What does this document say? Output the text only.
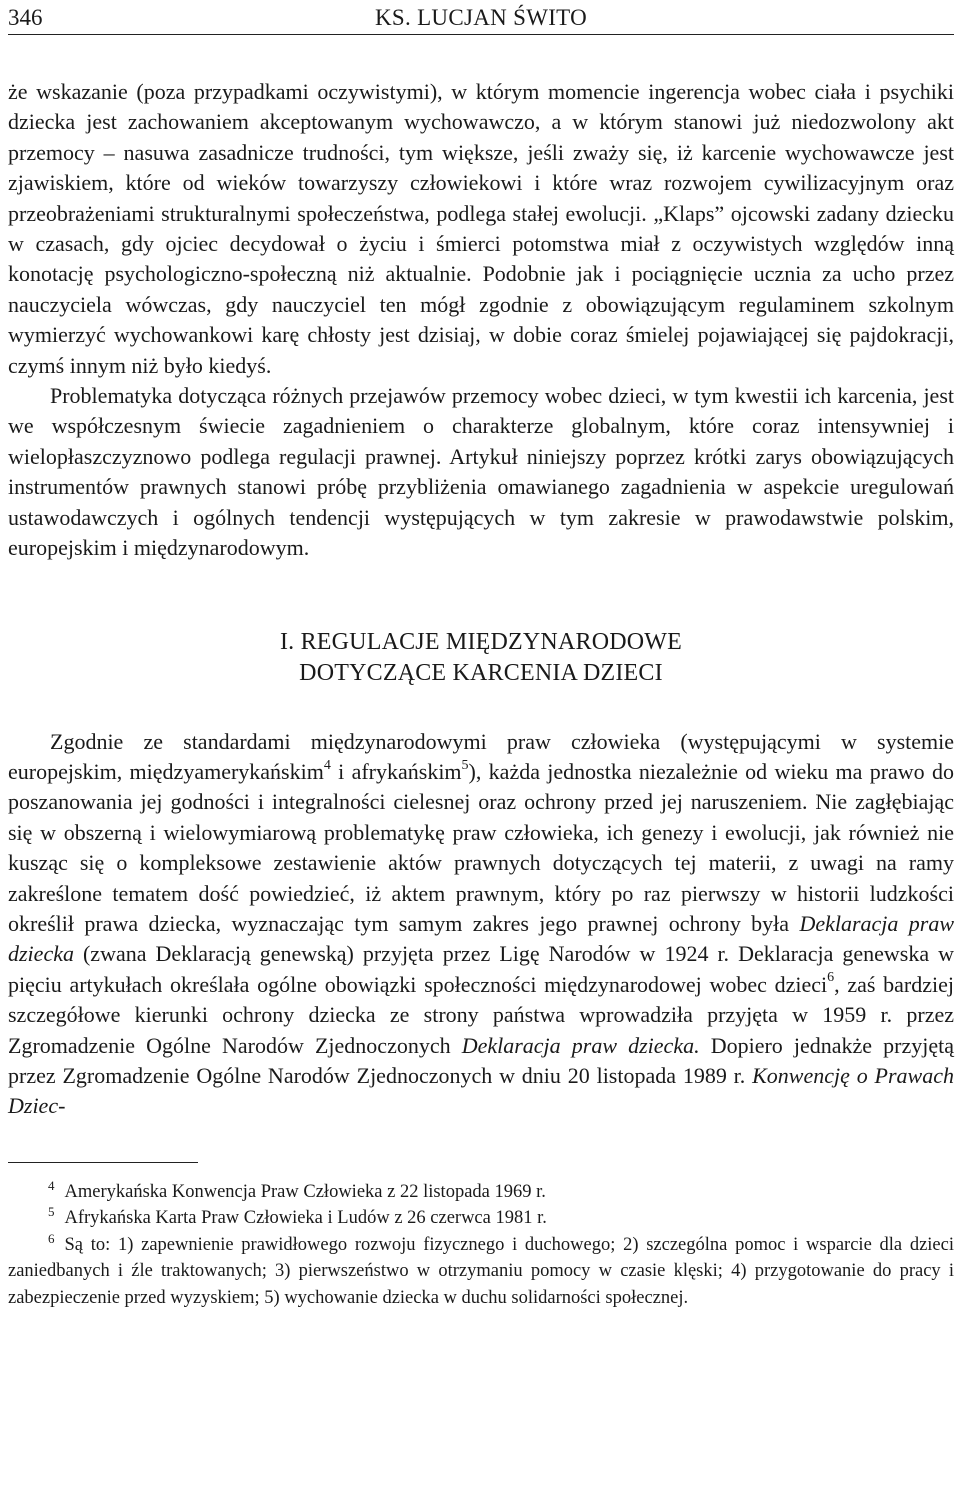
346	KS. LUCJAN ŚWITO

że wskazanie (poza przypadkami oczywistymi), w którym momencie ingerencja wobec ciała i psychiki dziecka jest zachowaniem akceptowanym wychowawczo, a w którym stanowi już niedozwolony akt przemocy – nasuwa zasadnicze trudności, tym większe, jeśli zważy się, iż karcenie wychowawcze jest zjawiskiem, które od wieków towarzyszy człowiekowi i które wraz rozwojem cywilizacyjnym oraz przeobrażeniami strukturalnymi społeczeństwa, podlega stałej ewolucji. „Klaps” ojcowski zadany dziecku w czasach, gdy ojciec decydował o życiu i śmierci potomstwa miał z oczywistych względów inną konotację psychologiczno-społeczną niż aktualnie. Podobnie jak i pociągnięcie ucznia za ucho przez nauczyciela wówczas, gdy nauczyciel ten mógł zgodnie z obowiązującym regulaminem szkolnym wymierzyć wychowankowi karę chłosty jest dzisiaj, w dobie coraz śmielej pojawiającej się pajdokracji, czymś innym niż było kiedyś.

Problematyka dotycząca różnych przejawów przemocy wobec dzieci, w tym kwestii ich karcenia, jest we współczesnym świecie zagadnieniem o charakterze globalnym, które coraz intensywniej i wielopłaszczyznowo podlega regulacji prawnej. Artykuł niniejszy poprzez krótki zarys obowiązujących instrumentów prawnych stanowi próbę przybliżenia omawianego zagadnienia w aspekcie uregulowań ustawodawczych i ogólnych tendencji występujących w tym zakresie w prawodawstwie polskim, europejskim i międzynarodowym.

I. REGULACJE MIĘDZYNARODOWE
DOTYCZĄCE KARCENIA DZIECI

Zgodnie ze standardami międzynarodowymi praw człowieka (występującymi w systemie europejskim, międzyamerykańskim$^4$ i afrykańskim$^5$), każda jednostka niezależnie od wieku ma prawo do poszanowania jej godności i integralności cielesnej oraz ochrony przed jej naruszeniem. Nie zagłębiając się w obszerną i wielowymiarową problematykę praw człowieka, ich genezy i ewolucji, jak również nie kusząc się o kompleksowe zestawienie aktów prawnych dotyczących tej materii, z uwagi na ramy zakreślone tematem dość powiedzieć, iż aktem prawnym, który po raz pierwszy w historii ludzkości określił prawa dziecka, wyznaczając tym samym zakres jego prawnej ochrony była Deklaracja praw dziecka (zwana Deklaracją genewską) przyjęta przez Ligę Narodów w 1924 r. Deklaracja genewska w pięciu artykułach określała ogólne obowiązki społeczności międzynarodowej wobec dzieci$^6$, zaś bardziej szczegółowe kierunki ochrony dziecka ze strony państwa wprowadziła przyjęta w 1959 r. przez Zgromadzenie Ogólne Narodów Zjednoczonych Deklaracja praw dziecka. Dopiero jednakże przyjętą przez Zgromadzenie Ogólne Narodów Zjednoczonych w dniu 20 listopada 1989 r. Konwencję o Prawach Dziec-

$^4$ Amerykańska Konwencja Praw Człowieka z 22 listopada 1969 r.

$^5$ Afrykańska Karta Praw Człowieka i Ludów z 26 czerwca 1981 r.

$^6$ Są to: 1) zapewnienie prawidłowego rozwoju fizycznego i duchowego; 2) szczególna pomoc i wsparcie dla dzieci zaniedbanych i źle traktowanych; 3) pierwszeństwo w otrzymaniu pomocy w czasie klęski; 4) przygotowanie do pracy i zabezpieczenie przed wyzyskiem; 5) wychowanie dziecka w duchu solidarności społecznej.
